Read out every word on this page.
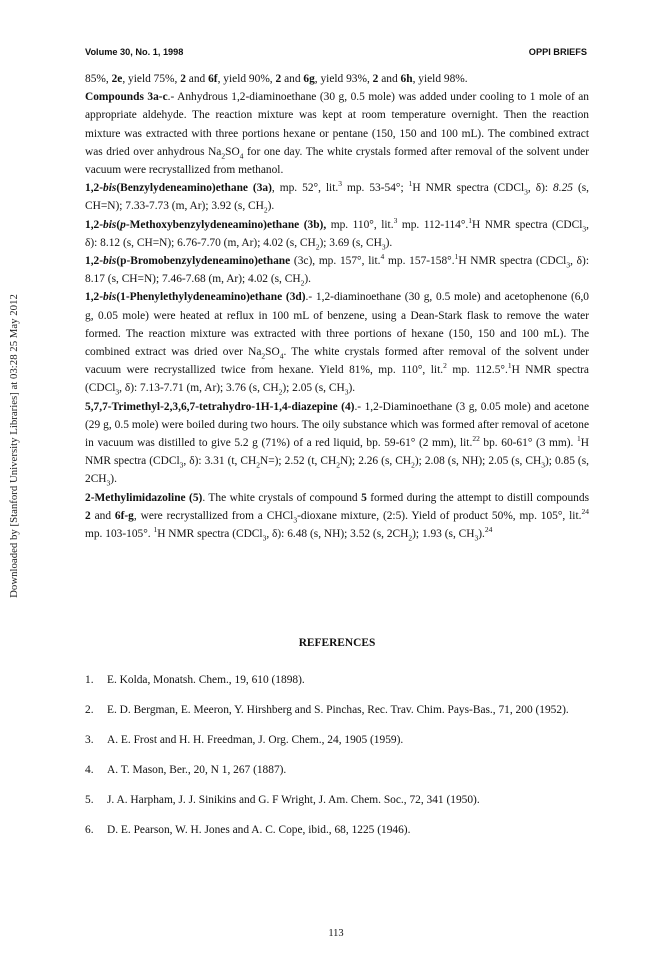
Downloaded by [Stanford University Libraries] at 03:28 25 May 2012
Volume 30, No. 1, 1998	OPPI BRIEFS

85%, 2e, yield 75%, 2 and 6f, yield 90%, 2 and 6g, yield 93%, 2 and 6h, yield 98%.

Compounds 3a-c.- Anhydrous 1,2-diaminoethane (30 g, 0.5 mole) was added under cooling to 1 mole of an appropriate aldehyde. The reaction mixture was kept at room temperature overnight. Then the reaction mixture was extracted with three portions hexane or pentane (150, 150 and 100 mL). The combined extract was dried over anhydrous $Na_2SO_4$ for one day. The white crystals formed after removal of the solvent under vacuum were recrystallized from methanol.

1,2-bis(Benzylydeneamino)ethane (3a), mp. 52°, lit.$^3$ mp. 53-54°; $^1$H NMR spectra (CDCl$_3$, δ): 8.25 (s, CH=N); 7.33-7.73 (m, Ar); 3.92 (s, $CH_2$).

1,2-bis(p-Methoxybenzylydeneamino)ethane (3b), mp. 110°, lit.$^3$ mp. 112-114°.$^1$H NMR spectra (CDCl$_3$, δ): 8.12 (s, CH=N); 6.76-7.70 (m, Ar); 4.02 (s, $CH_2$); 3.69 (s, $CH_3$).

1,2-bis(p-Bromobenzylydeneamino)ethane (3c), mp. 157°, lit.$^4$ mp. 157-158°.$^1$H NMR spectra (CDCl$_3$, δ): 8.17 (s, CH=N); 7.46-7.68 (m, Ar); 4.02 (s, $CH_2$).

1,2-bis(1-Phenylethylydeneamino)ethane (3d).- 1,2-diaminoethane (30 g, 0.5 mole) and acetophenone (6,0 g, 0.05 mole) were heated at reflux in 100 mL of benzene, using a Dean-Stark flask to remove the water formed. The reaction mixture was extracted with three portions of hexane (150, 150 and 100 mL). The combined extract was dried over $Na_2SO_4$. The white crystals formed after removal of the solvent under vacuum were recrystallized twice from hexane. Yield 81%, mp. 110°, lit.$^2$ mp. 112.5°.$^1$H NMR spectra (CDCl$_3$, δ): 7.13-7.71 (m, Ar); 3.76 (s, $CH_2$); 2.05 (s, $CH_3$).

5,7,7-Trimethyl-2,3,6,7-tetrahydro-1H-1,4-diazepine (4).- 1,2-Diaminoethane (3 g, 0.05 mole) and acetone (29 g, 0.5 mole) were boiled during two hours. The oily substance which was formed after removal of acetone in vacuum was distilled to give 5.2 g (71%) of a red liquid, bp. 59-61° (2 mm), lit.$^{22}$ bp. 60-61° (3 mm). $^1$H NMR spectra (CDCl$_3$, δ): 3.31 (t, $CH_2N=$); 2.52 (t, $CH_2N$); 2.26 (s, $CH_2$); 2.08 (s, NH); 2.05 (s, $CH_3$); 0.85 (s, $2CH_3$).

2-Methylimidazoline (5). The white crystals of compound 5 formed during the attempt to distill compounds 2 and 6f-g, were recrystallized from a CHCl$_3$-dioxane mixture, (2:5). Yield of product 50%, mp. 105°, lit.$^{24}$ mp. 103-105°. $^1$H NMR spectra (CDCl$_3$, δ): 6.48 (s, NH); 3.52 (s, $2CH_2$); 1.93 (s, $CH_3).^{24}$

REFERENCES
1.	E. Kolda, Monatsh. Chem., 19, 610 (1898).
2.	E. D. Bergman, E. Meeron, Y. Hirshberg and S. Pinchas, Rec. Trav. Chim. Pays-Bas., 71, 200 (1952).
3.	A. E. Frost and H. H. Freedman, J. Org. Chem., 24, 1905 (1959).
4.	A. T. Mason, Ber., 20, N 1, 267 (1887).
5.	J. A. Harpham, J. J. Sinikins and G. F Wright, J. Am. Chem. Soc., 72, 341 (1950).
6.	D. E. Pearson, W. H. Jones and A. C. Cope, ibid., 68, 1225 (1946).
113
